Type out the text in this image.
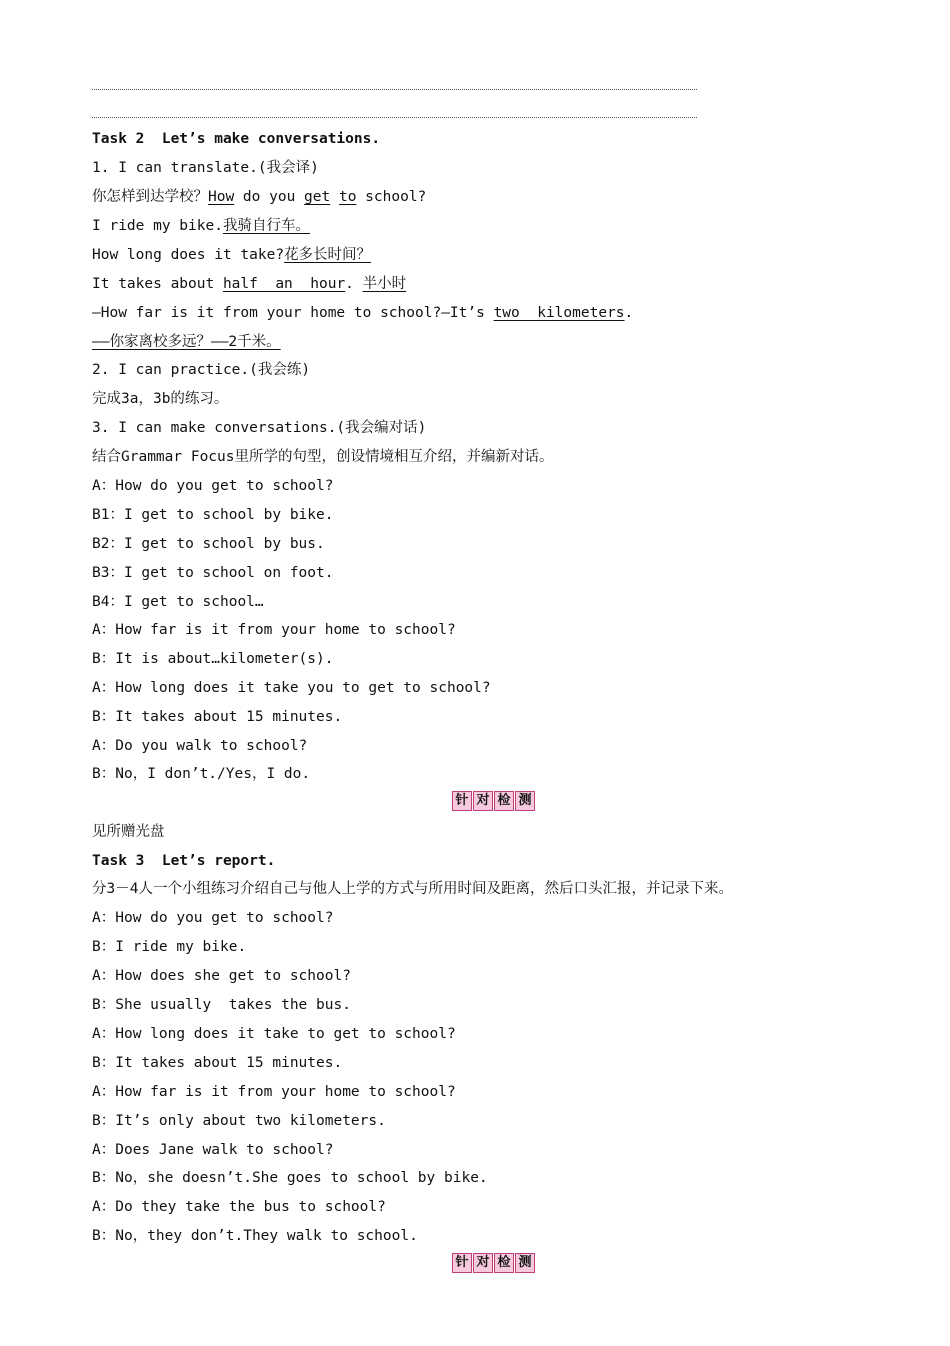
Task 2  Let’s make conversations.
1. I can translate.(我会译)
你怎样到达学校？How do you get to school?
I ride my bike.我骑自行车。
How long does it take?花多长时间？
It takes about half  an  hour. 半小时
—How far is it from your home to school?—It’s two  kilometers.
——你家离校多远？——2千米。
2. I can practice.(我会练)
完成3a，3b的练习。
3. I can make conversations.(我会编对话)
结合Grammar Focus里所学的句型，创设情境相互介绍，并编新对话。
A：How do you get to school?
B1：I get to school by bike.
B2：I get to school by bus.
B3：I get to school on foot.
B4：I get to school…
A：How far is it from your home to school?
B：It is about…kilometer(s).
A：How long does it take you to get to school?
B：It takes about 15 minutes.
A：Do you walk to school?
B：No，I don’t./Yes，I do.
针 对 检 测
见所赠光盘
Task 3  Let’s report.
分3－4人一个小组练习介绍自己与他人上学的方式与所用时间及距离，然后口头汇报，并记录下来。
A：How do you get to school?
B：I ride my bike.
A：How does she get to school?
B：She usually  takes the bus.
A：How long does it take to get to school?
B：It takes about 15 minutes.
A：How far is it from your home to school?
B：It’s only about two kilometers.
A：Does Jane walk to school?
B：No，she doesn’t.She goes to school by bike.
A：Do they take the bus to school?
B：No，they don’t.They walk to school.
针 对 检 测
